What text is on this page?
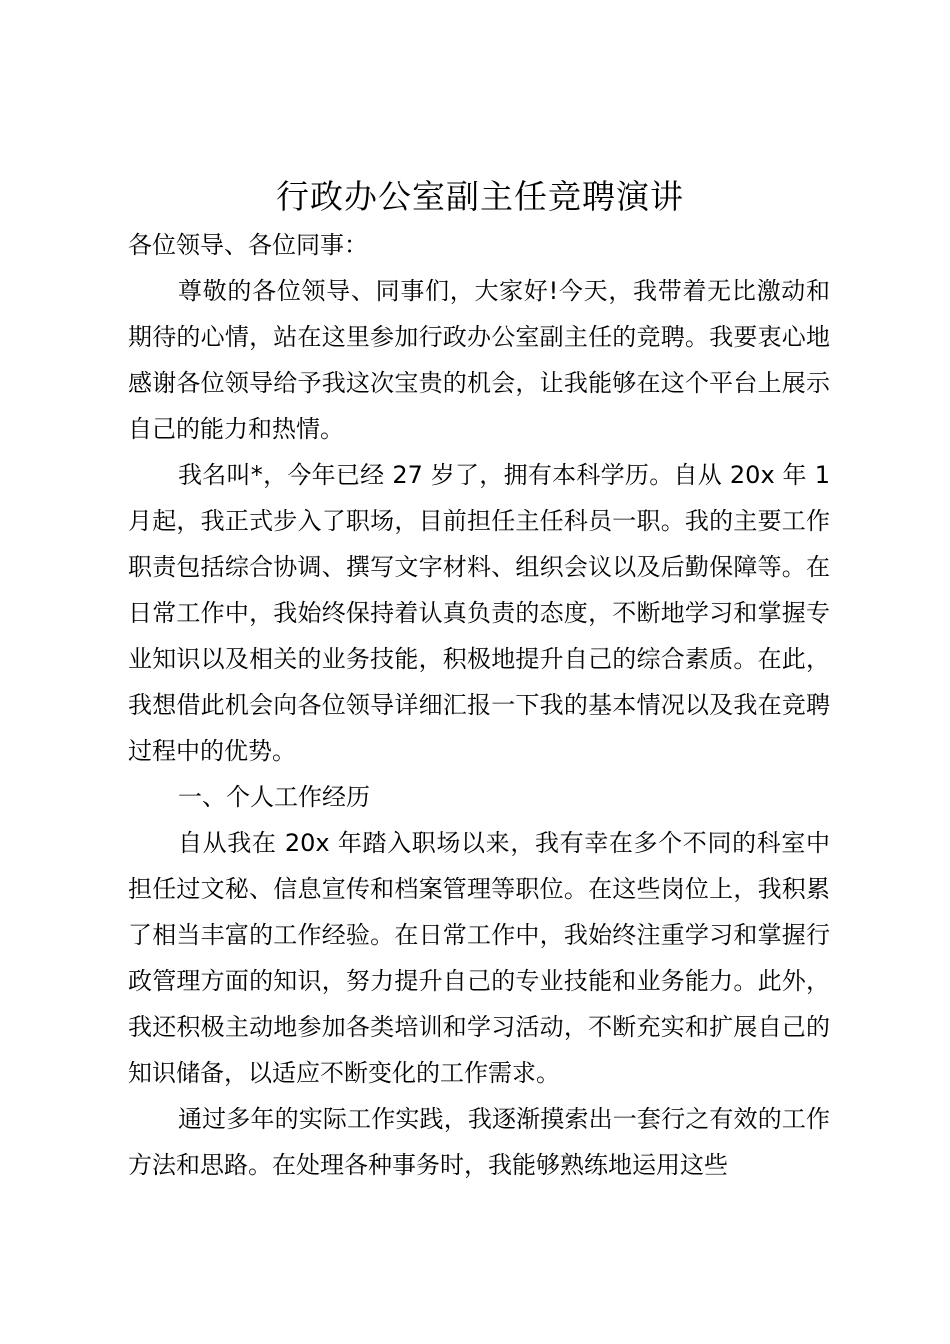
行政办公室副主任竞聘演讲

各位领导、各位同事：

尊敬的各位领导、同事们，大家好!今天，我带着无比激动和期待的心情，站在这里参加行政办公室副主任的竞聘。我要衷心地感谢各位领导给予我这次宝贵的机会，让我能够在这个平台上展示自己的能力和热情。

我名叫*，今年已经 27 岁了，拥有本科学历。自从 20x 年 1 月起，我正式步入了职场，目前担任主任科员一职。我的主要工作职责包括综合协调、撰写文字材料、组织会议以及后勤保障等。在日常工作中，我始终保持着认真负责的态度，不断地学习和掌握专业知识以及相关的业务技能，积极地提升自己的综合素质。在此，我想借此机会向各位领导详细汇报一下我的基本情况以及我在竞聘过程中的优势。

一、个人工作经历

自从我在 20x 年踏入职场以来，我有幸在多个不同的科室中担任过文秘、信息宣传和档案管理等职位。在这些岗位上，我积累了相当丰富的工作经验。在日常工作中，我始终注重学习和掌握行政管理方面的知识，努力提升自己的专业技能和业务能力。此外，我还积极主动地参加各类培训和学习活动，不断充实和扩展自己的知识储备，以适应不断变化的工作需求。

通过多年的实际工作实践，我逐渐摸索出一套行之有效的工作方法和思路。在处理各种事务时，我能够熟练地运用这些
